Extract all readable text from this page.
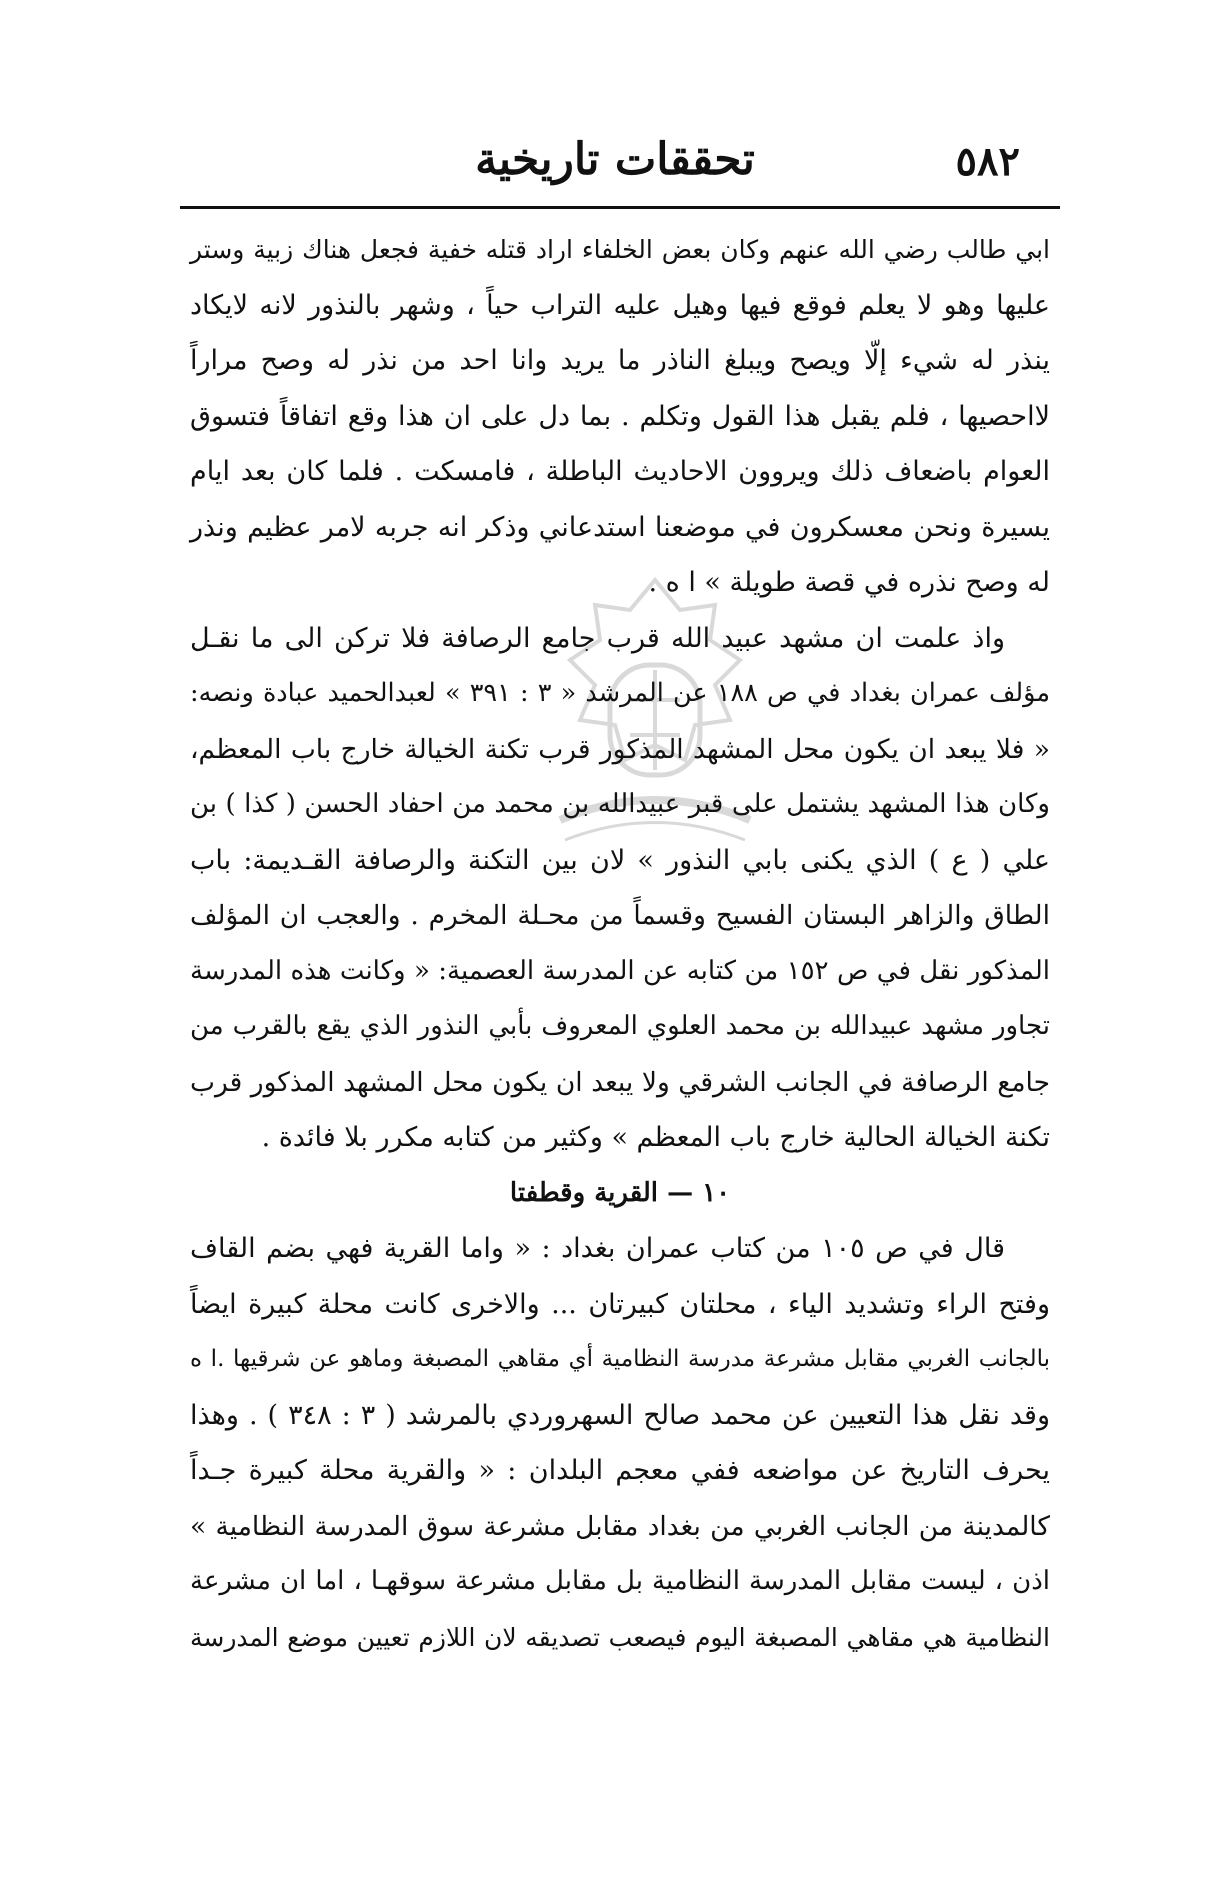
٥٨٢
تحققات تاريخية

ابي طالب رضي الله عنهم وكان بعض الخلفاء اراد قتله خفية فجعل هناك زبية وستر
عليها وهو لا يعلم فوقع فيها وهيل عليه التراب حياً ، وشهر بالنذور لانه لايكاد
ينذر له شيء إلّا ويصح ويبلغ الناذر ما يريد وانا احد من نذر له وصح مراراً
لااحصيها ، فلم يقبل هذا القول وتكلم . بما دل على ان هذا وقع اتفاقاً فتسوق
العوام باضعاف ذلك ويروون الاحاديث الباطلة ، فامسكت . فلما كان بعد ايام
يسيرة ونحن معسكرون في موضعنا استدعاني وذكر انه جربه لامر عظيم ونذر
له وصح نذره في قصة طويلة » ا ه .

واذ علمت ان مشهد عبيد الله قرب جامع الرصافة فلا تركن الى ما نقـل
مؤلف عمران بغداد في ص ١٨٨ عن المرشد « ٣ : ٣٩١ » لعبدالحميد عبادة ونصه:
« فلا يبعد ان يكون محل المشهد المذكور قرب تكنة الخيالة خارج باب المعظم،
وكان هذا المشهد يشتمل على قبر عبيدالله بن محمد من احفاد الحسن ( كذا ) بن
علي ( ع ) الذي يكنى بابي النذور » لان بين التكنة والرصافة القـديمة: باب
الطاق والزاهر البستان الفسيح وقسماً من محـلة المخرم . والعجب ان المؤلف
المذكور نقل في ص ١٥٢ من كتابه عن المدرسة العصمية: « وكانت هذه المدرسة
تجاور مشهد عبيدالله بن محمد العلوي المعروف بأبي النذور الذي يقع بالقرب من
جامع الرصافة في الجانب الشرقي ولا يبعد ان يكون محل المشهد المذكور قرب
تكنة الخيالة الحالية خارج باب المعظم » وكثير من كتابه مكرر بلا فائدة .

١٠ — القرية وقطفتا

قال في ص ١٠٥ من كتاب عمران بغداد : « واما القرية فهي بضم القاف
وفتح الراء وتشديد الياء ، محلتان كبيرتان ... والاخرى كانت محلة كبيرة ايضاً
بالجانب الغربي مقابل مشرعة مدرسة النظامية أي مقاهي المصبغة وماهو عن شرقيها .ا ه
وقد نقل هذا التعيين عن محمد صالح السهروردي بالمرشد ( ٣ : ٣٤٨ ) . وهذا
يحرف التاريخ عن مواضعه ففي معجم البلدان : « والقرية محلة كبيرة جـداً
كالمدينة من الجانب الغربي من بغداد مقابل مشرعة سوق المدرسة النظامية »
اذن ، ليست مقابل المدرسة النظامية بل مقابل مشرعة سوقهـا ، اما ان مشرعة
النظامية هي مقاهي المصبغة اليوم فيصعب تصديقه لان اللازم تعيين موضع المدرسة
